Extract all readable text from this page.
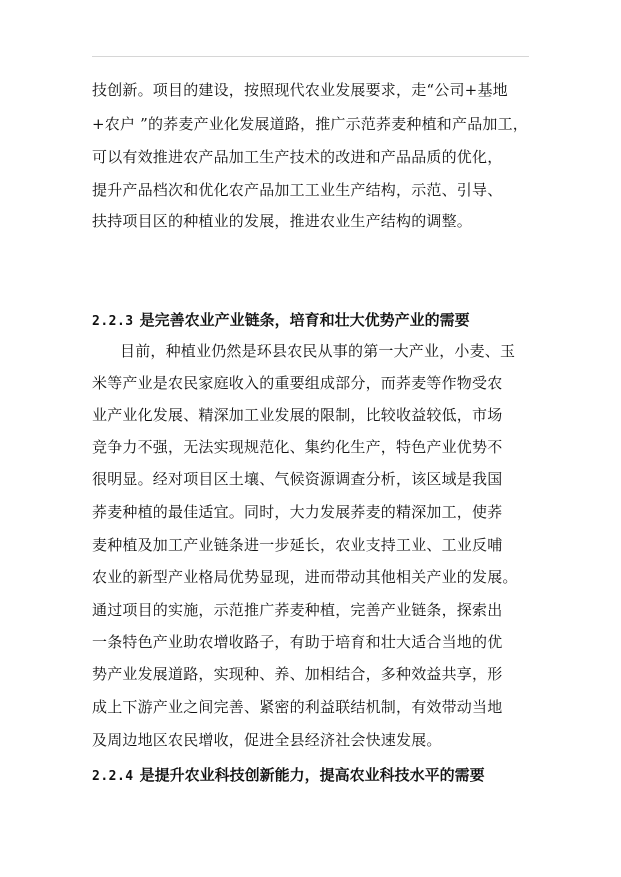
技创新。项目的建设，按照现代农业发展要求，走“公司+基地
+农户 ”的荞麦产业化发展道路，推广示范荞麦种植和产品加工，
可以有效推进农产品加工生产技术的改进和产品品质的优化，
提升产品档次和优化农产品加工工业生产结构，示范、引导、
扶持项目区的种植业的发展，推进农业生产结构的调整。
2.2.3 是完善农业产业链条，培育和壮大优势产业的需要
目前，种植业仍然是环县农民从事的第一大产业，小麦、玉
米等产业是农民家庭收入的重要组成部分，而荞麦等作物受农
业产业化发展、精深加工业发展的限制，比较收益较低，市场
竞争力不强，无法实现规范化、集约化生产，特色产业优势不
很明显。经对项目区土壤、气候资源调查分析，该区域是我国
荞麦种植的最佳适宜。同时，大力发展荞麦的精深加工，使荞
麦种植及加工产业链条进一步延长，农业支持工业、工业反哺
农业的新型产业格局优势显现，进而带动其他相关产业的发展。
通过项目的实施，示范推广荞麦种植，完善产业链条，探索出
一条特色产业助农增收路子，有助于培育和壮大适合当地的优
势产业发展道路，实现种、养、加相结合，多种效益共享，形
成上下游产业之间完善、紧密的利益联结机制，有效带动当地
及周边地区农民增收，促进全县经济社会快速发展。
2.2.4 是提升农业科技创新能力，提高农业科技水平的需要
